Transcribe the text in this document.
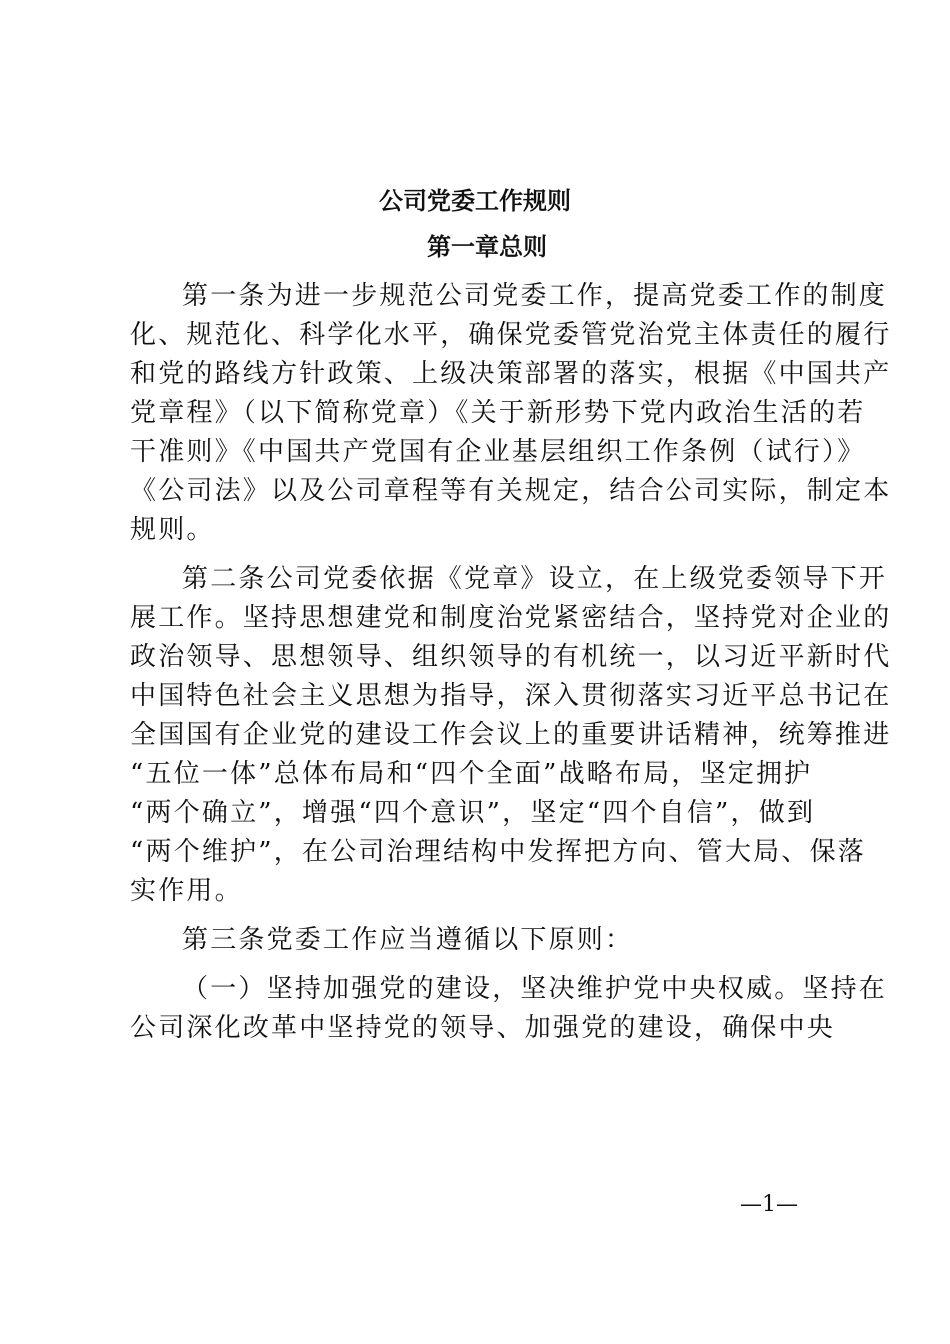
公司党委工作规则
第一章总则
第一条为进一步规范公司党委工作，提高党委工作的制度
化、规范化、科学化水平，确保党委管党治党主体责任的履行
和党的路线方针政策、上级决策部署的落实，根据《中国共产
党章程》（以下简称党章）《关于新形势下党内政治生活的若
干准则》《中国共产党国有企业基层组织工作条例（试行）》
《公司法》以及公司章程等有关规定，结合公司实际，制定本
规则。
第二条公司党委依据《党章》设立，在上级党委领导下开
展工作。坚持思想建党和制度治党紧密结合，坚持党对企业的
政治领导、思想领导、组织领导的有机统一，以习近平新时代
中国特色社会主义思想为指导，深入贯彻落实习近平总书记在
全国国有企业党的建设工作会议上的重要讲话精神，统筹推进
“五位一体”总体布局和“四个全面”战略布局，坚定拥护
“两个确立”，增强“四个意识”，坚定“四个自信”，做到
“两个维护”，在公司治理结构中发挥把方向、管大局、保落
实作用。
第三条党委工作应当遵循以下原则：
（一）坚持加强党的建设，坚决维护党中央权威。坚持在
公司深化改革中坚持党的领导、加强党的建设，确保中央
—1—
